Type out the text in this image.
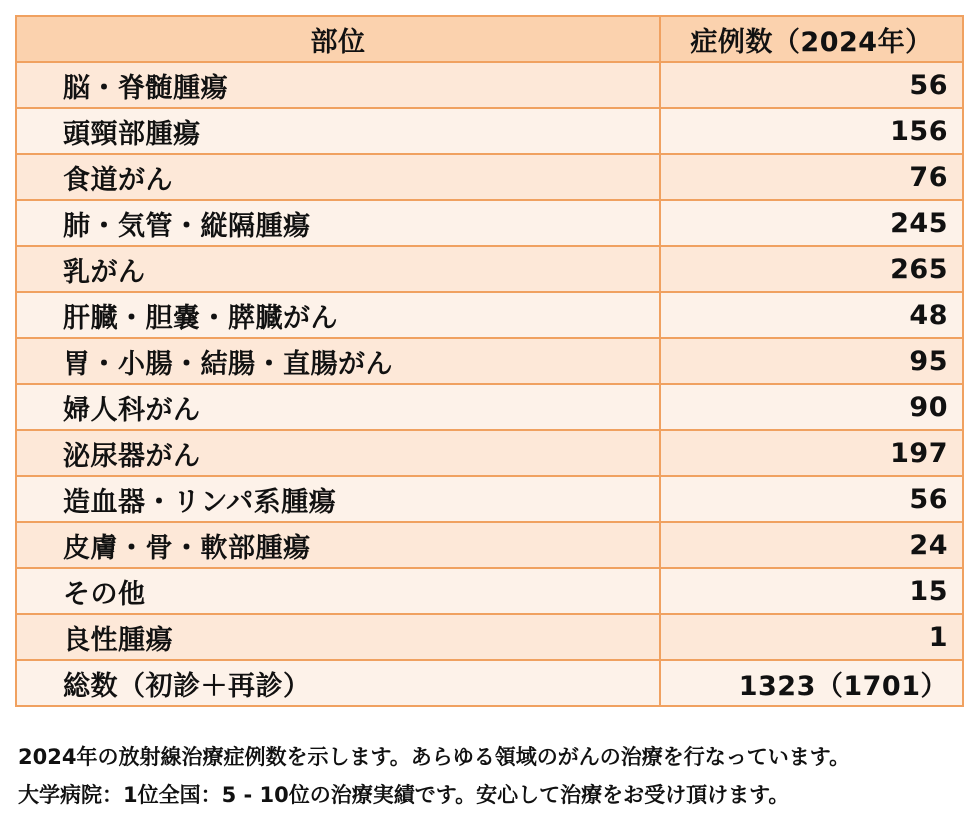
部位	症例数（2024年）
脳・脊髄腫瘍	56
頭頸部腫瘍	156
食道がん	76
肺・気管・縦隔腫瘍	245
乳がん	265
肝臓・胆嚢・膵臓がん	48
胃・小腸・結腸・直腸がん	95
婦人科がん	90
泌尿器がん	197
造血器・リンパ系腫瘍	56
皮膚・骨・軟部腫瘍	24
その他	15
良性腫瘍	1
総数（初診＋再診）	1323（1701）
2024年の放射線治療症例数を示します。あらゆる領域のがんの治療を行なっています。
大学病院：1位全国：5 - 10位の治療実績です。安心して治療をお受け頂けます。
